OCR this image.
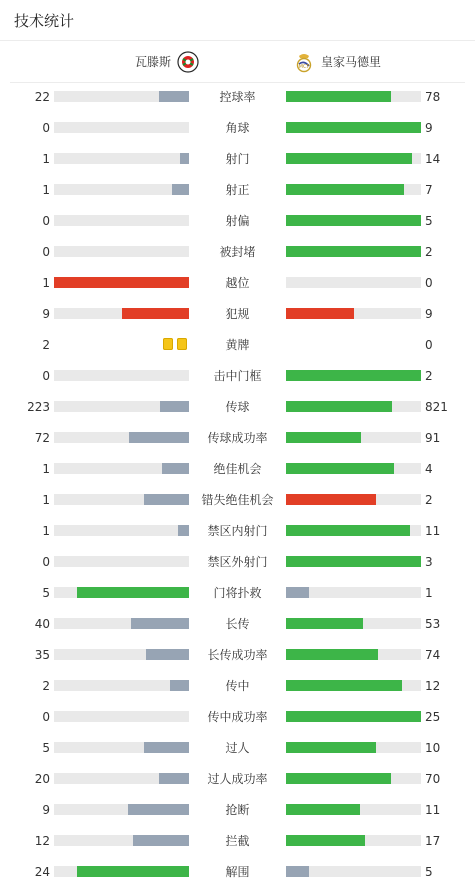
技术统计
瓦滕斯	皇家马德里
MCF
22	控球率	78
0	角球	9
1	射门	14
1	射正	7
0	射偏	5
0	被封堵	2
1	越位	0
9	犯规	9
2	黄牌	0
0	击中门框	2
223	传球	821
72	传球成功率	91
1	绝佳机会	4
1	错失绝佳机会	2
1	禁区内射门	11
0	禁区外射门	3
5	门将扑救	1
40	长传	53
35	长传成功率	74
2	传中	12
0	传中成功率	25
5	过人	10
20	过人成功率	70
9	抢断	11
12	拦截	17
24	解围	5
